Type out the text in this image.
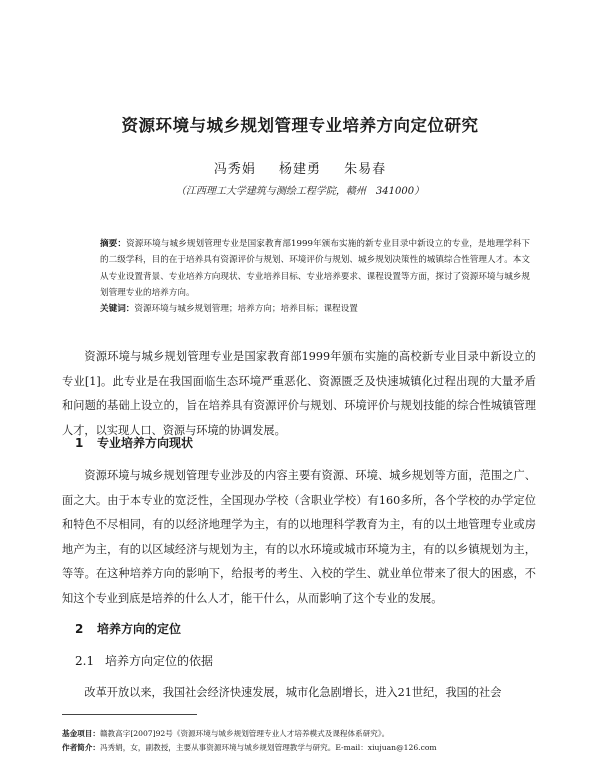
资源环境与城乡规划管理专业培养方向定位研究
冯秀娟 杨建勇 朱易春
（江西理工大学建筑与测绘工程学院，赣州　341000）
摘要：资源环境与城乡规划管理专业是国家教育部1999年颁布实施的新专业目录中新设立的专业，是地理学科下的二级学科，目的在于培养具有资源评价与规划、环境评价与规划、城乡规划决策性的城镇综合性管理人才。本文从专业设置背景、专业培养方向现状、专业培养目标、专业培养要求、课程设置等方面，探讨了资源环境与城乡规划管理专业的培养方向。
关键词：资源环境与城乡规划管理；培养方向；培养目标；课程设置

资源环境与城乡规划管理专业是国家教育部1999年颁布实施的高校新专业目录中新设立的专业[1]。此专业是在我国面临生态环境严重恶化、资源匮乏及快速城镇化过程出现的大量矛盾和问题的基础上设立的，旨在培养具有资源评价与规划、环境评价与规划技能的综合性城镇管理人才，以实现人口、资源与环境的协调发展。

1 专业培养方向现状

资源环境与城乡规划管理专业涉及的内容主要有资源、环境、城乡规划等方面，范围之广、面之大。由于本专业的宽泛性，全国现办学校（含职业学校）有160多所，各个学校的办学定位和特色不尽相同，有的以经济地理学为主，有的以地理科学教育为主，有的以土地管理专业或房地产为主，有的以区域经济与规划为主，有的以水环境或城市环境为主，有的以乡镇规划为主，等等。在这种培养方向的影响下，给报考的考生、入校的学生、就业单位带来了很大的困惑，不知这个专业到底是培养的什么人才，能干什么，从而影响了这个专业的发展。

2 培养方向的定位
2.1 培养方向定位的依据

改革开放以来，我国社会经济快速发展，城市化急剧增长，进入21世纪，我国的社会

基金项目：赣教高字[2007]92号《资源环境与城乡规划管理专业人才培养模式及课程体系研究》。
作者简介：冯秀娟，女，副教授，主要从事资源环境与城乡规划管理教学与研究。E-mail：xiujuan@126.com
